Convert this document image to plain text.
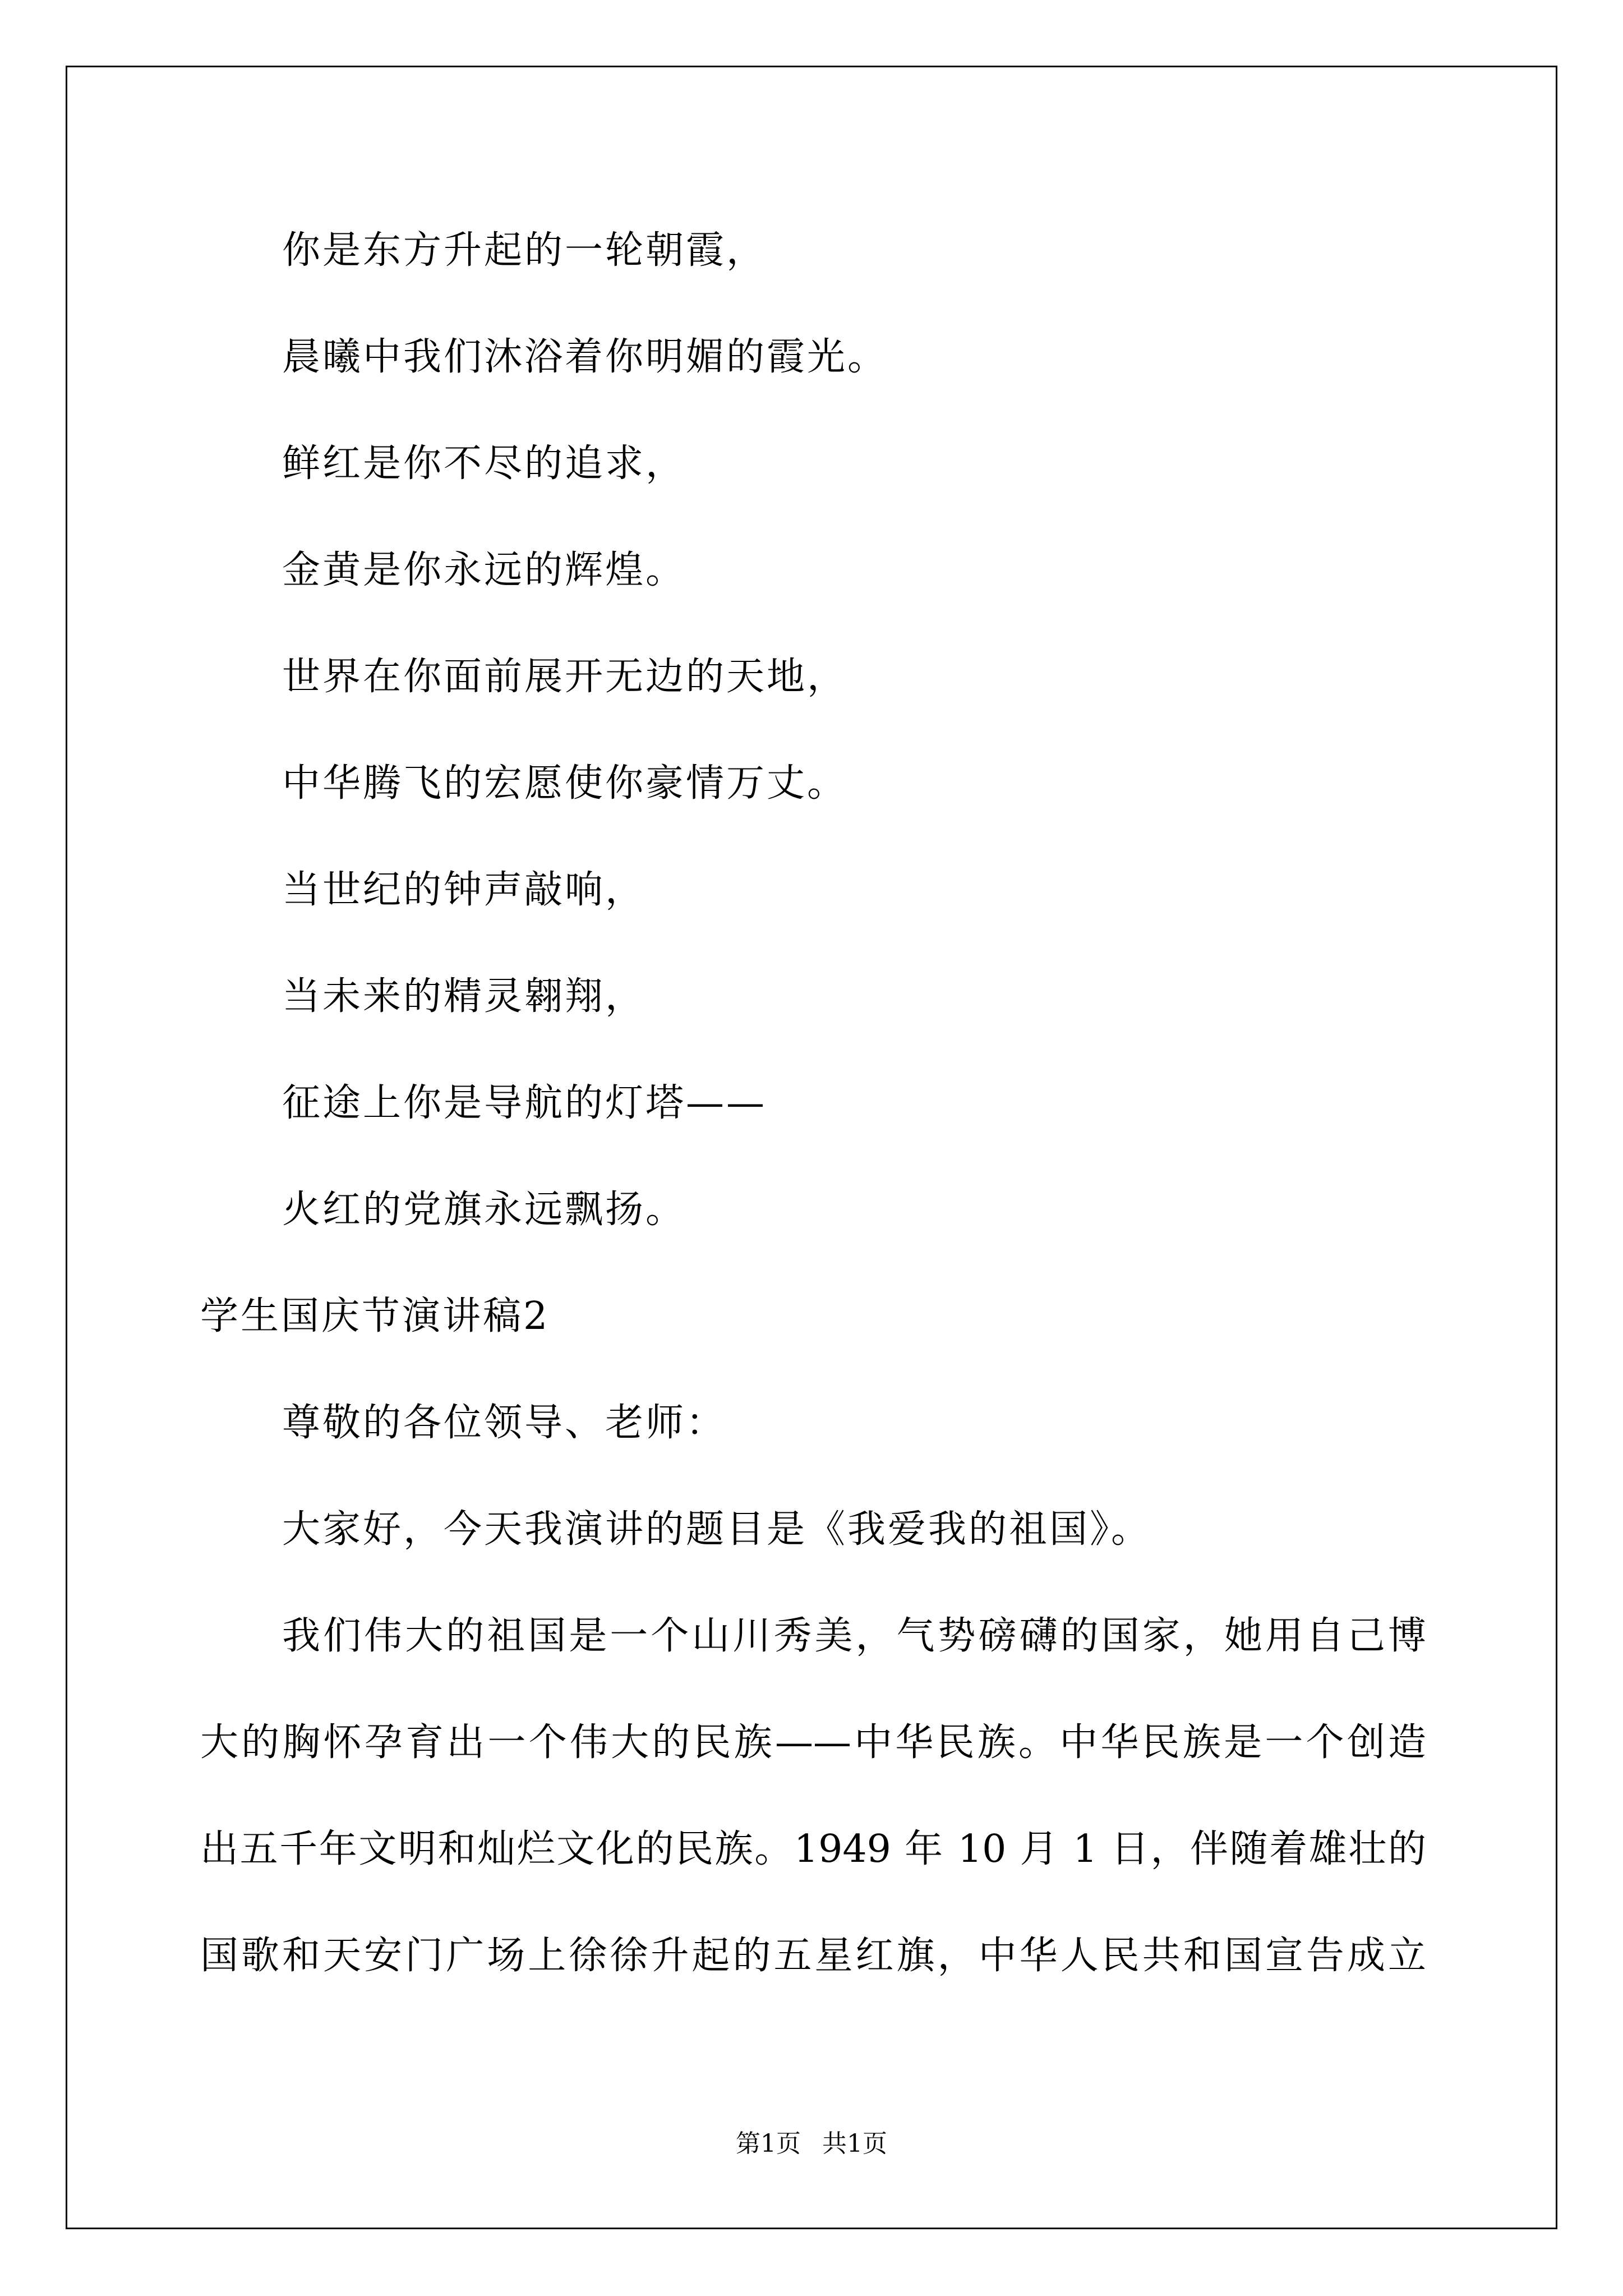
你是东方升起的一轮朝霞，
晨曦中我们沐浴着你明媚的霞光。
鲜红是你不尽的追求，
金黄是你永远的辉煌。
世界在你面前展开无边的天地，
中华腾飞的宏愿使你豪情万丈。
当世纪的钟声敲响，
当未来的精灵翱翔，
征途上你是导航的灯塔——
火红的党旗永远飘扬。
学生国庆节演讲稿2
尊敬的各位领导、老师：
大家好，今天我演讲的题目是《我爱我的祖国》。
我们伟大的祖国是一个山川秀美，气势磅礴的国家，她用自己博
大的胸怀孕育出一个伟大的民族——中华民族。中华民族是一个创造
出五千年文明和灿烂文化的民族。1949 年 10 月 1 日，伴随着雄壮的
国歌和天安门广场上徐徐升起的五星红旗，中华人民共和国宣告成立
第1页 共1页
